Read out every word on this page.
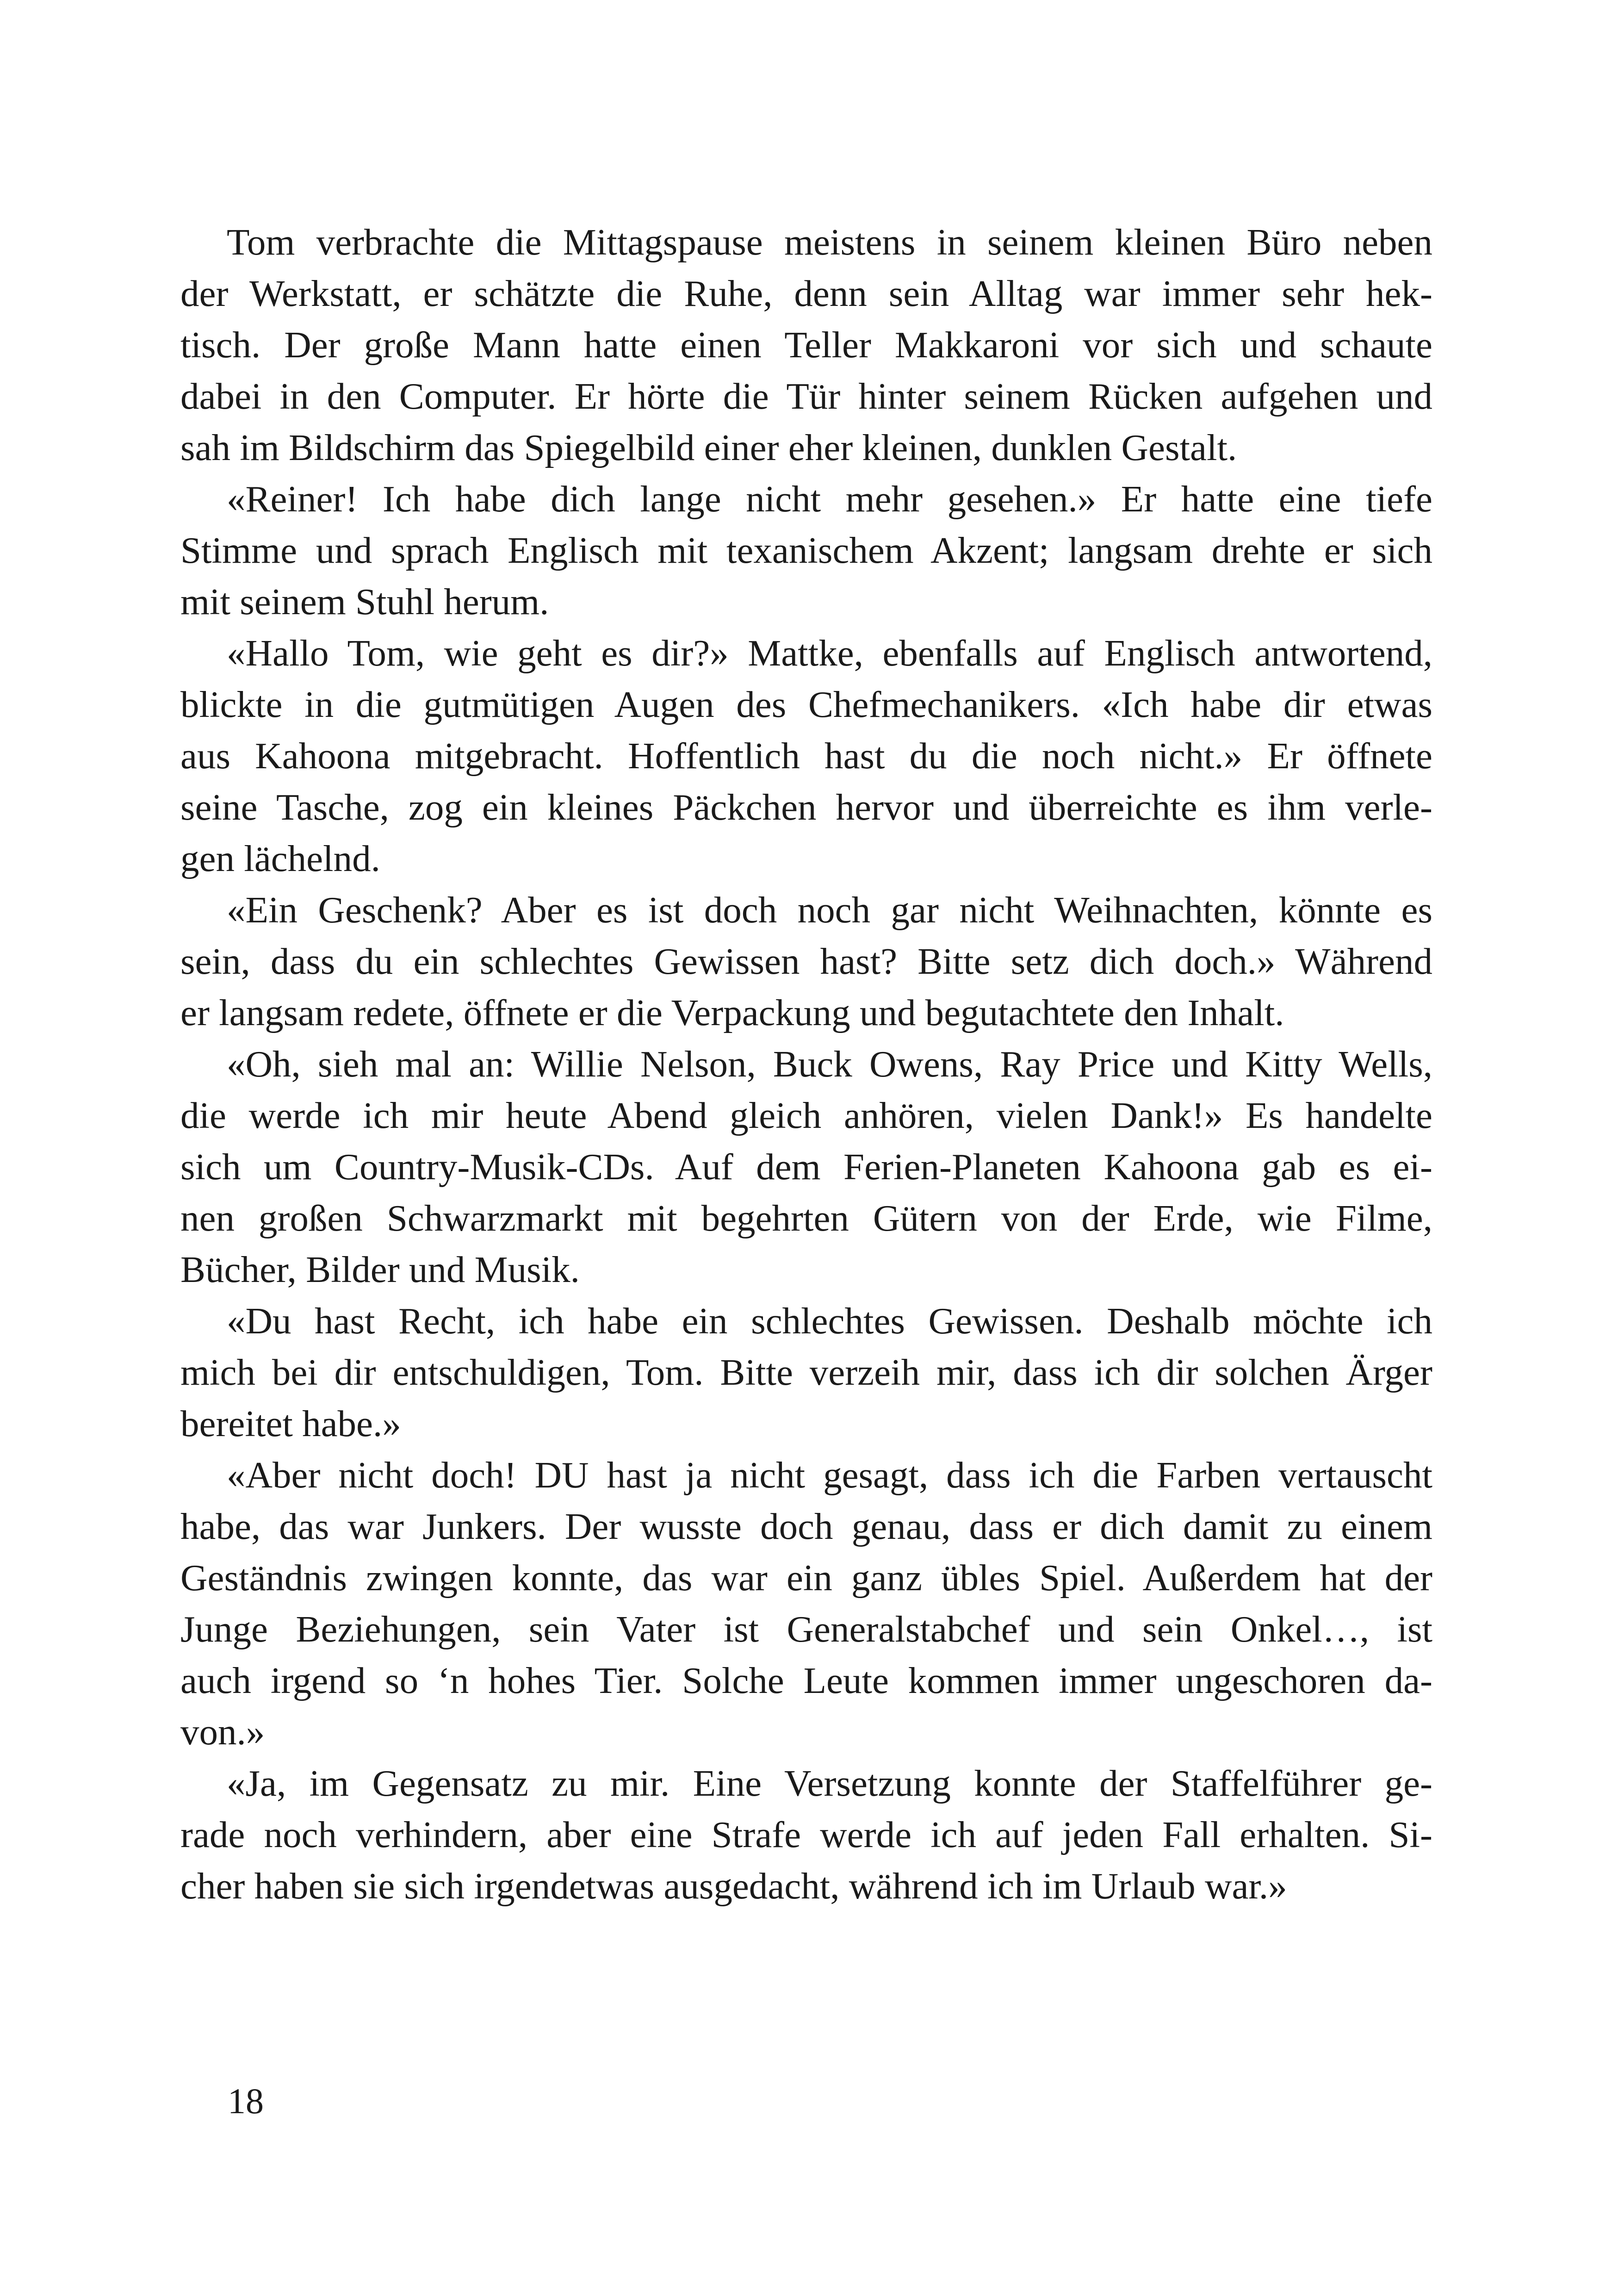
Tom verbrachte die Mittagspause meistens in seinem kleinen Büro neben
der Werkstatt, er schätzte die Ruhe, denn sein Alltag war immer sehr hek-
tisch. Der große Mann hatte einen Teller Makkaroni vor sich und schaute
dabei in den Computer. Er hörte die Tür hinter seinem Rücken aufgehen und
sah im Bildschirm das Spiegelbild einer eher kleinen, dunklen Gestalt.
«Reiner! Ich habe dich lange nicht mehr gesehen.» Er hatte eine tiefe
Stimme und sprach Englisch mit texanischem Akzent; langsam drehte er sich
mit seinem Stuhl herum.
«Hallo Tom, wie geht es dir?» Mattke, ebenfalls auf Englisch antwortend,
blickte in die gutmütigen Augen des Chefmechanikers. «Ich habe dir etwas
aus Kahoona mitgebracht. Hoffentlich hast du die noch nicht.» Er öffnete
seine Tasche, zog ein kleines Päckchen hervor und überreichte es ihm verle-
gen lächelnd.
«Ein Geschenk? Aber es ist doch noch gar nicht Weihnachten, könnte es
sein, dass du ein schlechtes Gewissen hast? Bitte setz dich doch.» Während
er langsam redete, öffnete er die Verpackung und begutachtete den Inhalt.
«Oh, sieh mal an: Willie Nelson, Buck Owens, Ray Price und Kitty Wells,
die werde ich mir heute Abend gleich anhören, vielen Dank!» Es handelte
sich um Country-Musik-CDs. Auf dem Ferien-Planeten Kahoona gab es ei-
nen großen Schwarzmarkt mit begehrten Gütern von der Erde, wie Filme,
Bücher, Bilder und Musik.
«Du hast Recht, ich habe ein schlechtes Gewissen. Deshalb möchte ich
mich bei dir entschuldigen, Tom. Bitte verzeih mir, dass ich dir solchen Ärger
bereitet habe.»
«Aber nicht doch! DU hast ja nicht gesagt, dass ich die Farben vertauscht
habe, das war Junkers. Der wusste doch genau, dass er dich damit zu einem
Geständnis zwingen konnte, das war ein ganz übles Spiel. Außerdem hat der
Junge Beziehungen, sein Vater ist Generalstabchef und sein Onkel…, ist
auch irgend so ‘n hohes Tier. Solche Leute kommen immer ungeschoren da-
von.»
«Ja, im Gegensatz zu mir. Eine Versetzung konnte der Staffelführer ge-
rade noch verhindern, aber eine Strafe werde ich auf jeden Fall erhalten. Si-
cher haben sie sich irgendetwas ausgedacht, während ich im Urlaub war.»
18
